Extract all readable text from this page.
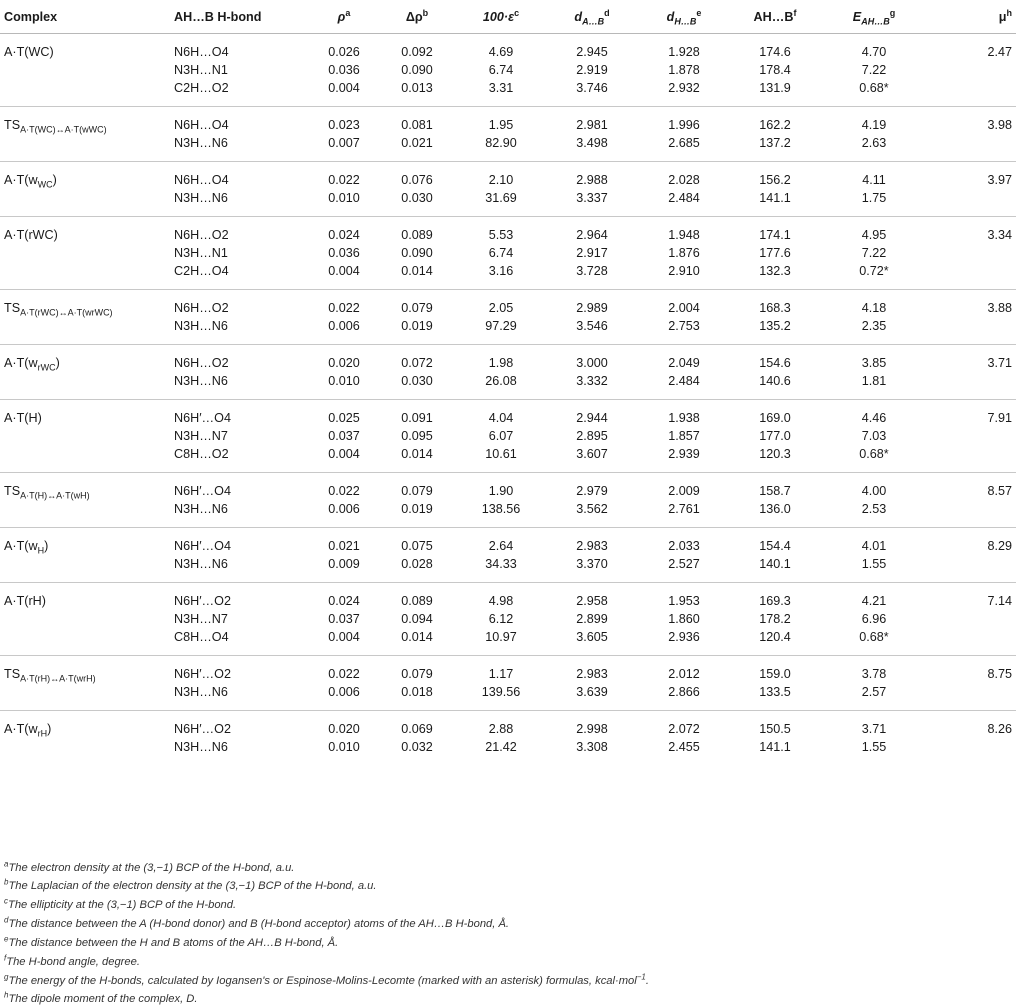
Complex	AH…B H-bond	$\rho^a$	$\Delta\rho^b$	$100\cdot\varepsilon^c$	$d_{A\dots B}^d$	$d_{H\dots B}^e$	$AH\dots B^f$	$E_{AH\dots B}^g$	$\mu^h$
A·T(WC)	N6H…O4	0.026	0.092	4.69	2.945	1.928	174.6	4.70	2.47
	N3H…N1	0.036	0.090	6.74	2.919	1.878	178.4	7.22	
	C2H…O2	0.004	0.013	3.31	3.746	2.932	131.9	0.68*	
$TS_{A\cdot T(WC)\leftrightarrow A\cdot T(wWC)}$	N6H…O4	0.023	0.081	1.95	2.981	1.996	162.2	4.19	3.98
	N3H…N6	0.007	0.021	82.90	3.498	2.685	137.2	2.63	
$A\cdot T(w_{WC})$	N6H…O4	0.022	0.076	2.10	2.988	2.028	156.2	4.11	3.97
	N3H…N6	0.010	0.030	31.69	3.337	2.484	141.1	1.75	
A·T(rWC)	N6H…O2	0.024	0.089	5.53	2.964	1.948	174.1	4.95	3.34
	N3H…N1	0.036	0.090	6.74	2.917	1.876	177.6	7.22	
	C2H…O4	0.004	0.014	3.16	3.728	2.910	132.3	0.72*	
$TS_{A\cdot T(rWC)\leftrightarrow A\cdot T(wrWC)}$	N6H…O2	0.022	0.079	2.05	2.989	2.004	168.3	4.18	3.88
	N3H…N6	0.006	0.019	97.29	3.546	2.753	135.2	2.35	
$A\cdot T(w_{rWC})$	N6H…O2	0.020	0.072	1.98	3.000	2.049	154.6	3.85	3.71
	N3H…N6	0.010	0.030	26.08	3.332	2.484	140.6	1.81	
A·T(H)	N6H′…O4	0.025	0.091	4.04	2.944	1.938	169.0	4.46	7.91
	N3H…N7	0.037	0.095	6.07	2.895	1.857	177.0	7.03	
	C8H…O2	0.004	0.014	10.61	3.607	2.939	120.3	0.68*	
$TS_{A\cdot T(H)\leftrightarrow A\cdot T(wH)}$	N6H′…O4	0.022	0.079	1.90	2.979	2.009	158.7	4.00	8.57
	N3H…N6	0.006	0.019	138.56	3.562	2.761	136.0	2.53	
$A\cdot T(w_H)$	N6H′…O4	0.021	0.075	2.64	2.983	2.033	154.4	4.01	8.29
	N3H…N6	0.009	0.028	34.33	3.370	2.527	140.1	1.55	
A·T(rH)	N6H′…O2	0.024	0.089	4.98	2.958	1.953	169.3	4.21	7.14
	N3H…N7	0.037	0.094	6.12	2.899	1.860	178.2	6.96	
	C8H…O4	0.004	0.014	10.97	3.605	2.936	120.4	0.68*	
$TS_{A\cdot T(rH)\leftrightarrow A\cdot T(wrH)}$	N6H′…O2	0.022	0.079	1.17	2.983	2.012	159.0	3.78	8.75
	N3H…N6	0.006	0.018	139.56	3.639	2.866	133.5	2.57	
$A\cdot T(w_{rH})$	N6H′…O2	0.020	0.069	2.88	2.998	2.072	150.5	3.71	8.26
	N3H…N6	0.010	0.032	21.42	3.308	2.455	141.1	1.55	
$^a$The electron density at the (3,−1) BCP of the H-bond, a.u.
$^b$The Laplacian of the electron density at the (3,−1) BCP of the H-bond, a.u.
$^c$The ellipticity at the (3,−1) BCP of the H-bond.
$^d$The distance between the A (H-bond donor) and B (H-bond acceptor) atoms of the AH…B H-bond, Å.
$^e$The distance between the H and B atoms of the AH…B H-bond, Å.
$^f$The H-bond angle, degree.
$^g$The energy of the H-bonds, calculated by Iogansen's or Espinose-Molins-Lecomte (marked with an asterisk) formulas, kcal·mol$^{-1}$.
$^h$The dipole moment of the complex, D.
